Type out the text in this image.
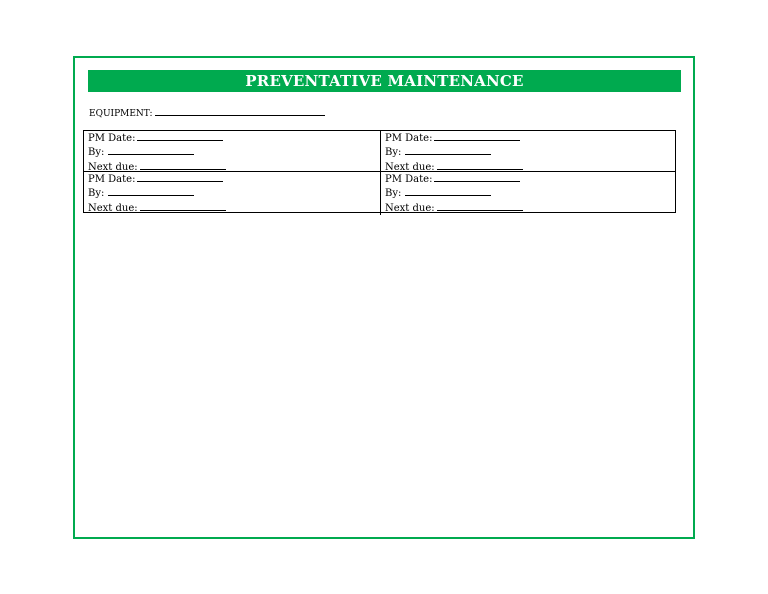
PREVENTATIVE MAINTENANCE
EQUIPMENT:
PM Date:
By:
Next due:
PM Date:
By:
Next due:
PM Date:
By:
Next due:
PM Date:
By:
Next due:
